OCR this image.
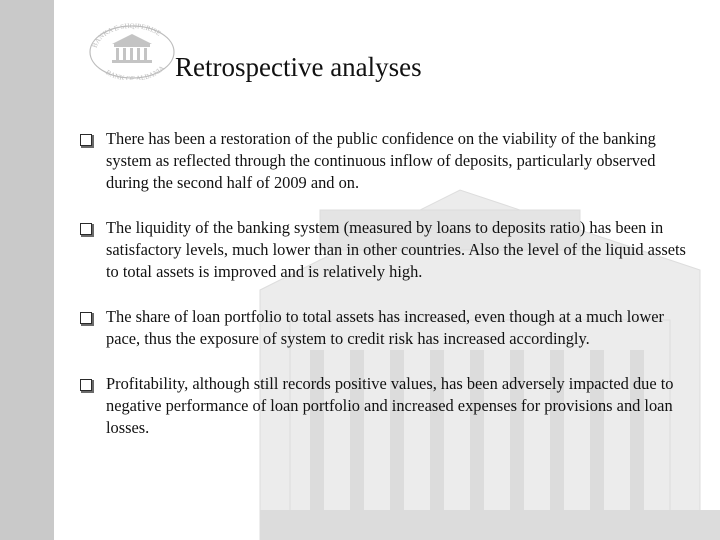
BANKA E SHQIPERISE
BANK OF ALBANIA Retrospective analyses
There has been a restoration of the public confidence on the viability of the banking system as reflected through the continuous inflow of deposits, particularly observed during the second half of 2009 and on.
The liquidity of the banking system (measured by loans to deposits ratio) has been in satisfactory levels, much lower than in other countries. Also the level of the liquid assets to total assets is improved and is relatively high.
The share of loan portfolio to total assets has increased, even though at a much lower pace, thus the exposure of system to credit risk has increased accordingly.
Profitability, although still records positive values, has been adversely impacted due to negative performance of loan portfolio and increased expenses for provisions and loan losses.
